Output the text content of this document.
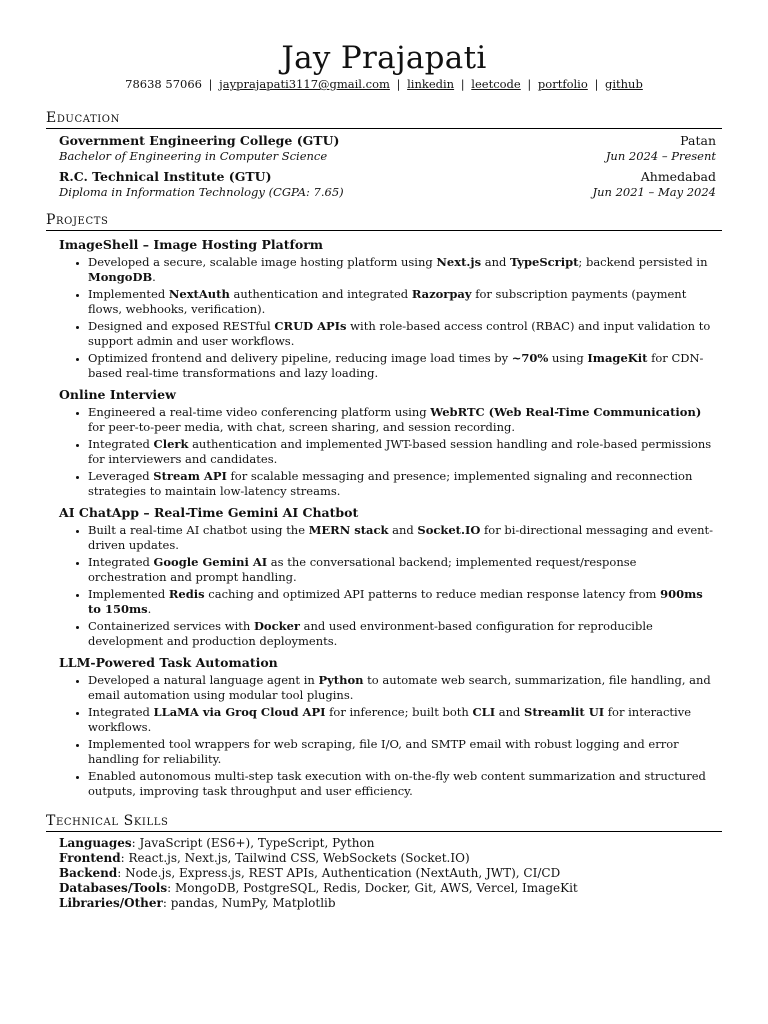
Jay Prajapati
78638 57066 | jayprajapati3117@gmail.com | linkedin | leetcode | portfolio | github
Education
Government Engineering College (GTU)	Patan
Bachelor of Engineering in Computer Science	Jun 2024 – Present
R.C. Technical Institute (GTU)	Ahmedabad
Diploma in Information Technology (CGPA: 7.65)	Jun 2021 – May 2024
Projects
ImageShell – Image Hosting Platform
• Developed a secure, scalable image hosting platform using Next.js and TypeScript; backend persisted in MongoDB.
• Implemented NextAuth authentication and integrated Razorpay for subscription payments (payment flows, webhooks, verification).
• Designed and exposed RESTful CRUD APIs with role-based access control (RBAC) and input validation to support admin and user workflows.
• Optimized frontend and delivery pipeline, reducing image load times by ~70% using ImageKit for CDN-based real-time transformations and lazy loading.
Online Interview
• Engineered a real-time video conferencing platform using WebRTC (Web Real-Time Communication) for peer-to-peer media, with chat, screen sharing, and session recording.
• Integrated Clerk authentication and implemented JWT-based session handling and role-based permissions for interviewers and candidates.
• Leveraged Stream API for scalable messaging and presence; implemented signaling and reconnection strategies to maintain low-latency streams.
AI ChatApp – Real-Time Gemini AI Chatbot
• Built a real-time AI chatbot using the MERN stack and Socket.IO for bi-directional messaging and event-driven updates.
• Integrated Google Gemini AI as the conversational backend; implemented request/response orchestration and prompt handling.
• Implemented Redis caching and optimized API patterns to reduce median response latency from 900ms to 150ms.
• Containerized services with Docker and used environment-based configuration for reproducible development and production deployments.
LLM-Powered Task Automation
• Developed a natural language agent in Python to automate web search, summarization, file handling, and email automation using modular tool plugins.
• Integrated LLaMA via Groq Cloud API for inference; built both CLI and Streamlit UI for interactive workflows.
• Implemented tool wrappers for web scraping, file I/O, and SMTP email with robust logging and error handling for reliability.
• Enabled autonomous multi-step task execution with on-the-fly web content summarization and structured outputs, improving task throughput and user efficiency.
Technical Skills
Languages: JavaScript (ES6+), TypeScript, Python
Frontend: React.js, Next.js, Tailwind CSS, WebSockets (Socket.IO)
Backend: Node.js, Express.js, REST APIs, Authentication (NextAuth, JWT), CI/CD
Databases/Tools: MongoDB, PostgreSQL, Redis, Docker, Git, AWS, Vercel, ImageKit
Libraries/Other: pandas, NumPy, Matplotlib
